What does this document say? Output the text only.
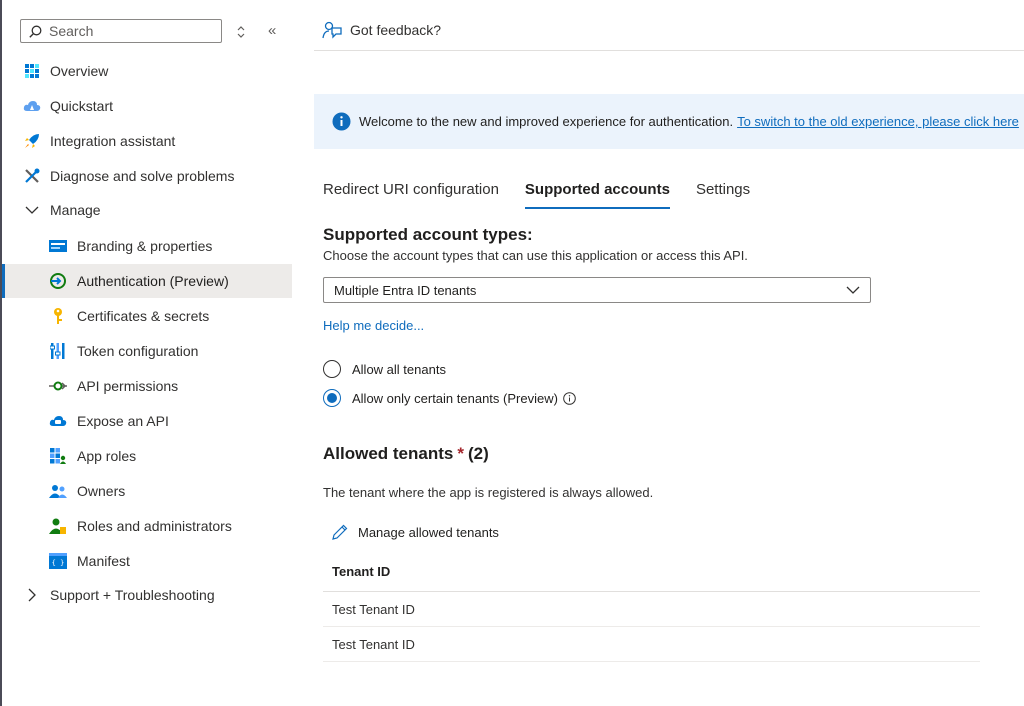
Search	«
Overview
Quickstart
Integration assistant
Diagnose and solve problems
Manage
Branding & properties
Authentication (Preview)
Certificates & secrets
Token configuration
API permissions
Expose an API
App roles
Owners
Roles and administrators
{ } Manifest
Support + Troubleshooting
Got feedback?
Welcome to the new and improved experience for authentication. To switch to the old experience, please click here
Redirect URI configuration Supported accounts Settings
Supported account types:
Choose the account types that can use this application or access this API.
Multiple Entra ID tenants
Help me decide...
Allow all tenants
Allow only certain tenants (Preview)
Allowed tenants * (2)
The tenant where the app is registered is always allowed.
Manage allowed tenants
Tenant ID
Test Tenant ID
Test Tenant ID
